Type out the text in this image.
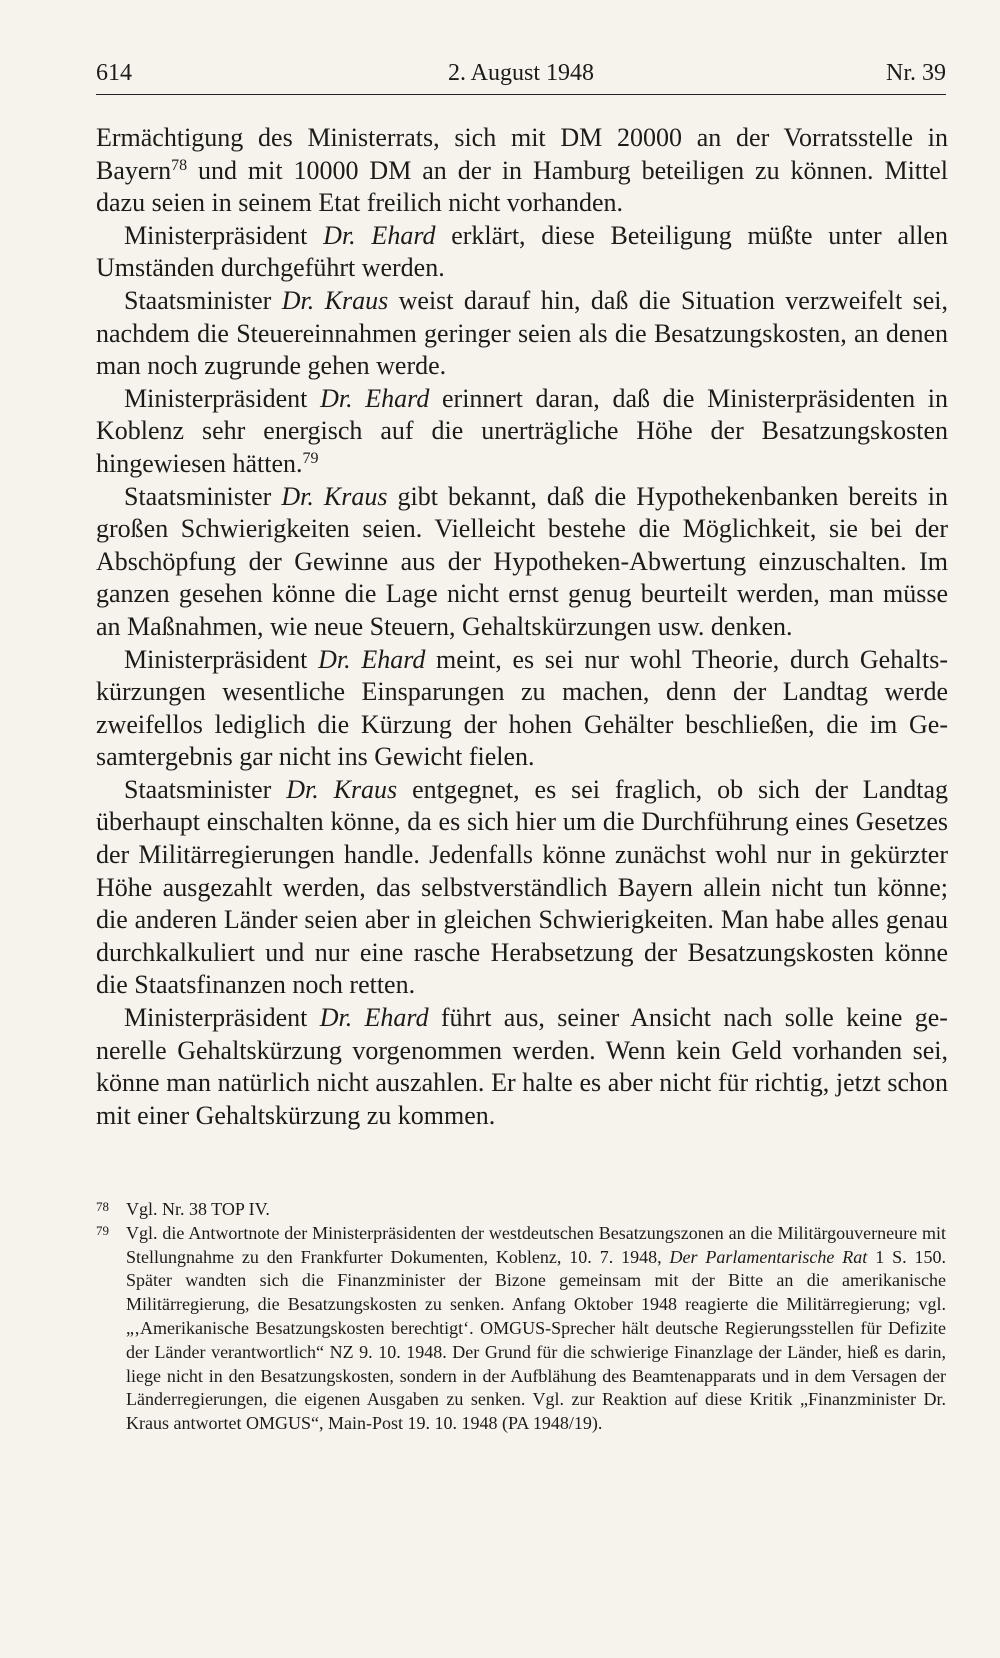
614	2. August 1948	Nr. 39

Ermächtigung des Ministerrats, sich mit DM 20000 an der Vorratsstelle in Bayern$^{78}$ und mit 10000 DM an der in Hamburg beteiligen zu können. Mittel dazu seien in seinem Etat freilich nicht vorhanden.

Ministerpräsident Dr. Ehard erklärt, diese Beteiligung müßte unter allen Umständen durchgeführt werden.

Staatsminister Dr. Kraus weist darauf hin, daß die Situation verzweifelt sei, nachdem die Steuereinnahmen geringer seien als die Besatzungskosten, an denen man noch zugrunde gehen werde.

Ministerpräsident Dr. Ehard erinnert daran, daß die Ministerpräsidenten in Koblenz sehr energisch auf die unerträgliche Höhe der Besatzungskosten hingewiesen hätten.$^{79}$

Staatsminister Dr. Kraus gibt bekannt, daß die Hypothekenbanken bereits in großen Schwierigkeiten seien. Vielleicht bestehe die Möglichkeit, sie bei der Abschöpfung der Gewinne aus der Hypotheken-Abwertung einzuschalten. Im ganzen gesehen könne die Lage nicht ernst genug beurteilt werden, man müsse an Maßnahmen, wie neue Steuern, Gehaltskürzungen usw. denken.

Ministerpräsident Dr. Ehard meint, es sei nur wohl Theorie, durch Gehaltskürzungen wesentliche Einsparungen zu machen, denn der Landtag werde zweifellos lediglich die Kürzung der hohen Gehälter beschließen, die im Gesamtergebnis gar nicht ins Gewicht fielen.

Staatsminister Dr. Kraus entgegnet, es sei fraglich, ob sich der Landtag überhaupt einschalten könne, da es sich hier um die Durchführung eines Gesetzes der Militärregierungen handle. Jedenfalls könne zunächst wohl nur in gekürzter Höhe ausgezahlt werden, das selbstverständlich Bayern allein nicht tun könne; die anderen Länder seien aber in gleichen Schwierigkeiten. Man habe alles genau durchkalkuliert und nur eine rasche Herabsetzung der Besatzungskosten könne die Staatsfinanzen noch retten.

Ministerpräsident Dr. Ehard führt aus, seiner Ansicht nach solle keine generelle Gehaltskürzung vorgenommen werden. Wenn kein Geld vorhanden sei, könne man natürlich nicht auszahlen. Er halte es aber nicht für richtig, jetzt schon mit einer Gehaltskürzung zu kommen.

78 Vgl. Nr. 38 TOP IV.

79 Vgl. die Antwortnote der Ministerpräsidenten der westdeutschen Besatzungszonen an die Militärgouverneure mit Stellungnahme zu den Frankfurter Dokumenten, Koblenz, 10. 7. 1948, Der Parlamentarische Rat 1 S. 150. Später wandten sich die Finanzminister der Bizone gemeinsam mit der Bitte an die amerikanische Militärregierung, die Besatzungskosten zu senken. Anfang Oktober 1948 reagierte die Militärregierung; vgl. „‚Amerikanische Besatzungskosten berechtigt‘. OMGUS-Sprecher hält deutsche Regierungsstellen für Defizite der Länder verantwortlich“ NZ 9. 10. 1948. Der Grund für die schwierige Finanzlage der Länder, hieß es darin, liege nicht in den Besatzungskosten, sondern in der Aufblähung des Beamtenapparats und in dem Versagen der Länderregierungen, die eigenen Ausgaben zu senken. Vgl. zur Reaktion auf diese Kritik „Finanzminister Dr. Kraus antwortet OMGUS“, Main-Post 19. 10. 1948 (PA 1948/19).
